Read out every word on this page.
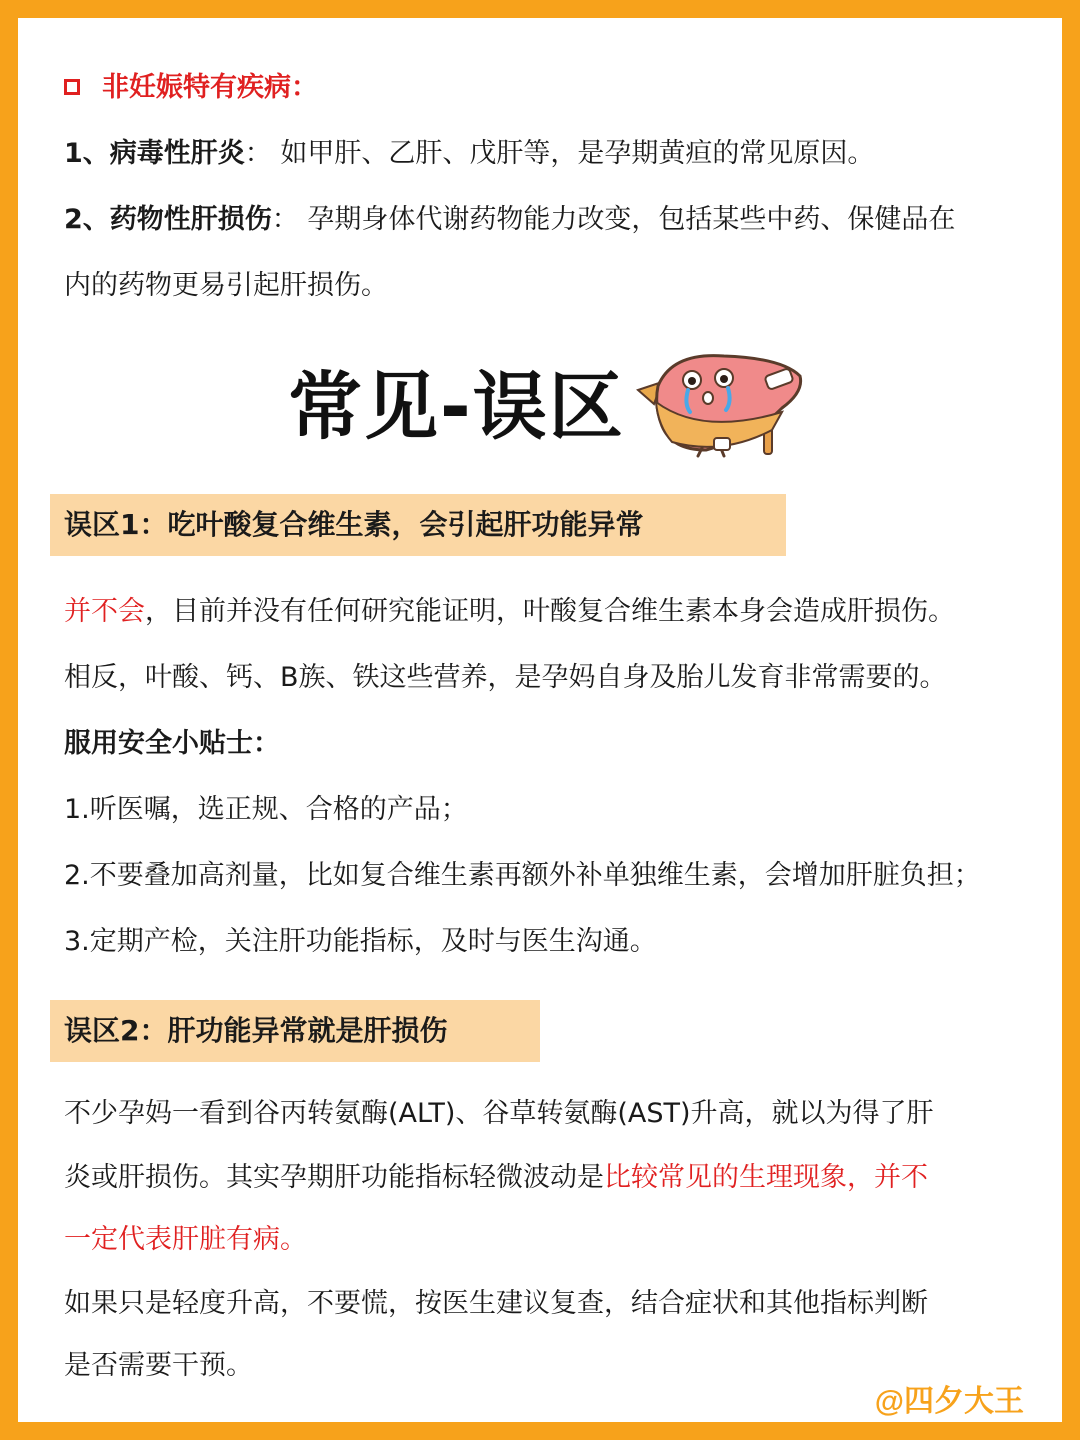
非妊娠特有疾病：
1、病毒性肝炎： 如甲肝、乙肝、戊肝等，是孕期黄疸的常见原因。
2、药物性肝损伤： 孕期身体代谢药物能力改变，包括某些中药、保健品在
内的药物更易引起肝损伤。
常见-误区
误区1：吃叶酸复合维生素，会引起肝功能异常
并不会，目前并没有任何研究能证明，叶酸复合维生素本身会造成肝损伤。
相反，叶酸、钙、B族、铁这些营养，是孕妈自身及胎儿发育非常需要的。
服用安全小贴士：
1.听医嘱，选正规、合格的产品；
2.不要叠加高剂量，比如复合维生素再额外补单独维生素，会增加肝脏负担；
3.定期产检，关注肝功能指标，及时与医生沟通。
误区2：肝功能异常就是肝损伤
不少孕妈一看到谷丙转氨酶(ALT)、谷草转氨酶(AST)升高，就以为得了肝
炎或肝损伤。其实孕期肝功能指标轻微波动是比较常见的生理现象，并不
一定代表肝脏有病。
如果只是轻度升高，不要慌，按医生建议复查，结合症状和其他指标判断
是否需要干预。
@四夕大王
